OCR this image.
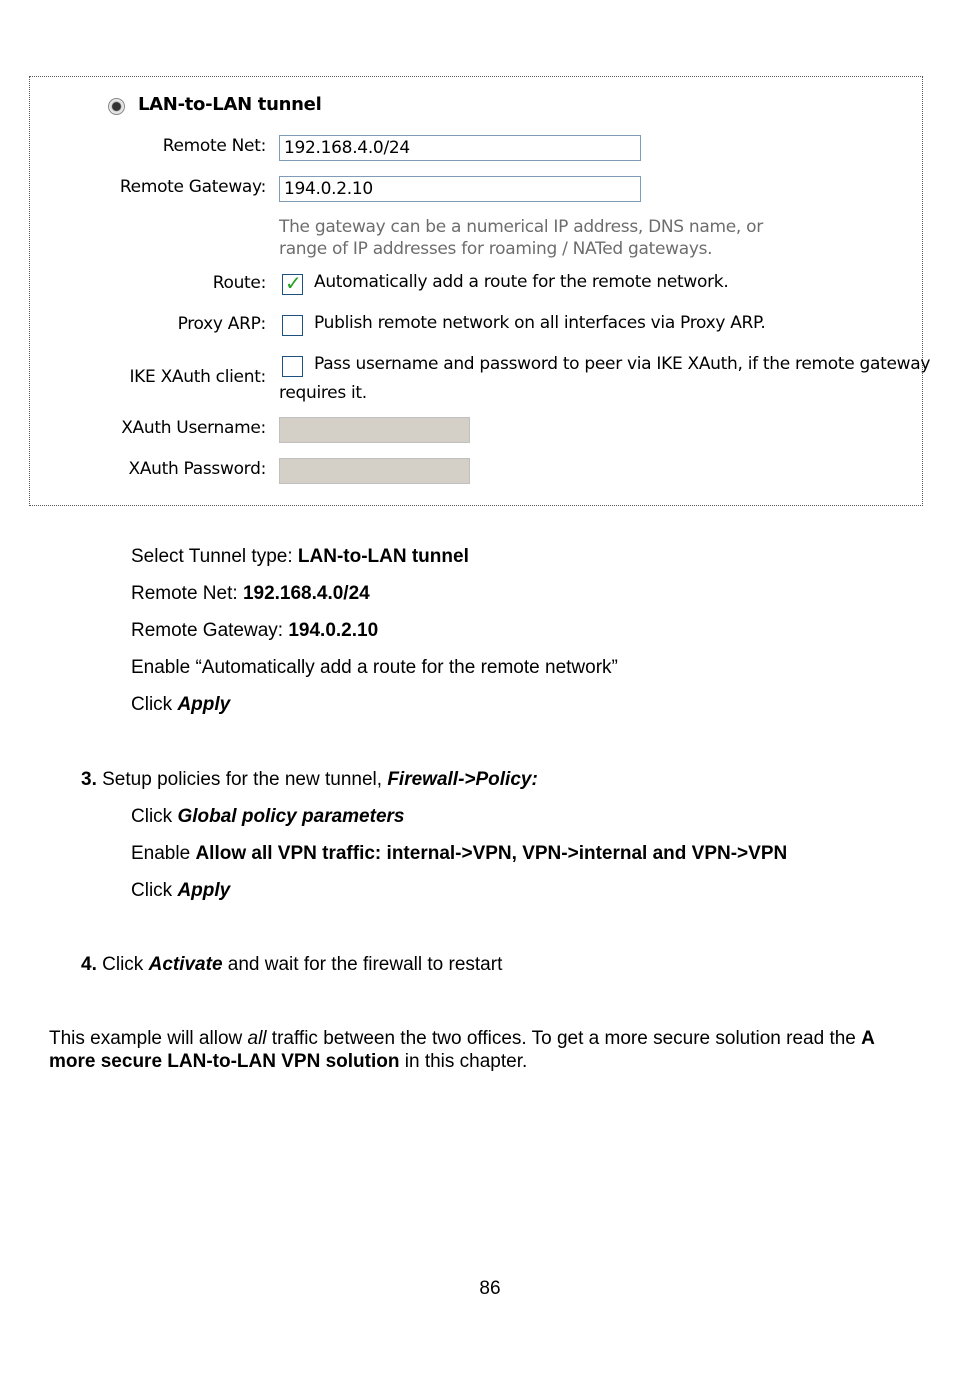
LAN-to-LAN tunnel
Remote Net: 192.168.4.0/24
Remote Gateway: 194.0.2.10
The gateway can be a numerical IP address, DNS name, or
range of IP addresses for roaming / NATed gateways.
Route: ✓ Automatically add a route for the remote network.
Proxy ARP:	Publish remote network on all interfaces via Proxy ARP.
IKE XAuth client:
Pass username and password to peer via IKE XAuth, if the remote gateway
requires it.
XAuth Username:
XAuth Password:
Select Tunnel type: LAN-to-LAN tunnel
Remote Net: 192.168.4.0/24
Remote Gateway: 194.0.2.10
Enable “Automatically add a route for the remote network”
Click Apply
3. Setup policies for the new tunnel, Firewall->Policy:
Click Global policy parameters
Enable Allow all VPN traffic: internal->VPN, VPN->internal and VPN->VPN
Click Apply
4. Click Activate and wait for the firewall to restart
This example will allow all traffic between the two offices. To get a more secure solution read the A more secure LAN-to-LAN VPN solution in this chapter.
86
